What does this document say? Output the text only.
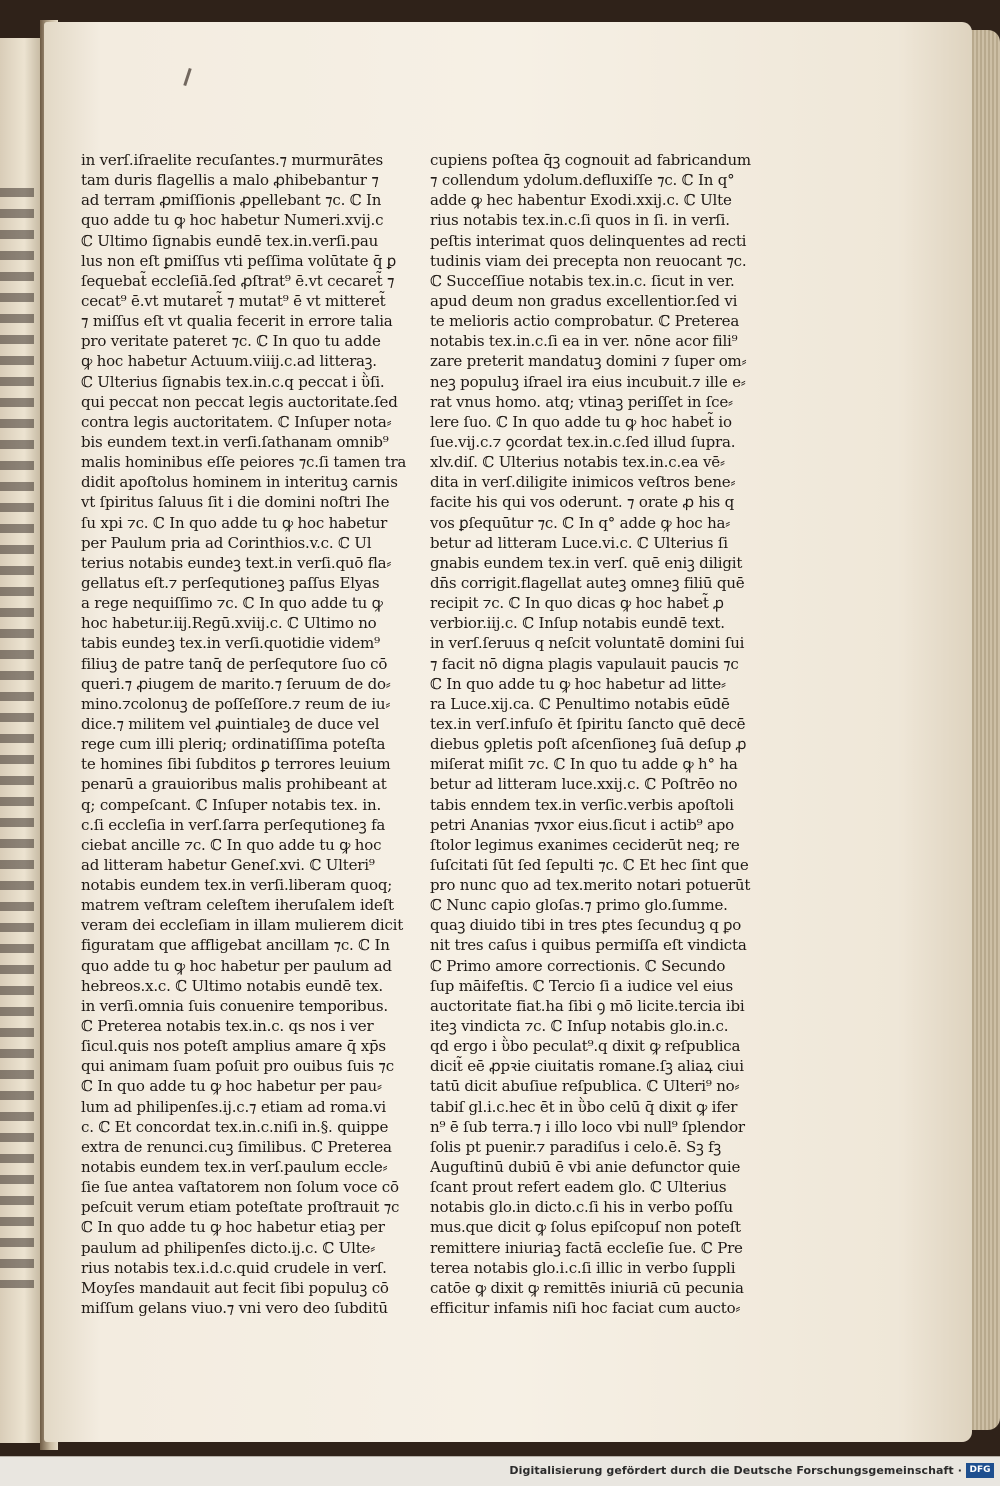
in verſ.iſraelite recuſantes.⁊ murmurātes
tam duris flagellis a malo ꝓhibebantur ⁊
ad terram ꝓmiſſionis ꝓpellebant ⁊c. ℂ In
quo adde tu ꝙ hoc habetur Numeri.xvij.c
ℂ Ultimo ſignabis eundē tex.in.verſi.pau
lus non eſt ꝑmiſſus vti peſſima volūtate q̄ ꝑ
ſequebat̃ eccleſiā.ſed ꝓſtrat⁹ ē.vt cecaret̃ ⁊
cecat⁹ ē.vt mutaret̃ ⁊ mutat⁹ ē vt mitteret̃
⁊ miſſus eſt vt qualia fecerit in errore talia
pro veritate pateret ⁊c. ℂ In quo tu adde
ꝙ hoc habetur Actuum.viiij.c.ad litteraꝫ.
ℂ Ulterius ſignabis tex.in.c.q peccat i ῢſi.
qui peccat non peccat legis auctoritate.ſed
contra legis auctoritatem. ℂ Inſuper nota⸗
bis eundem text.in verſi.ſathanam omnib⁹
malis hominibus eſſe peiores ⁊c.ſi tamen tra
didit apoſtolus hominem in interituꝫ carnis
vt ſpiritus ſaluus ſit i die domini noſtri Ihe
ſu xpi ⁊c. ℂ In quo adde tu ꝙ hoc habetur
per Paulum pria ad Corinthios.v.c. ℂ Ul
terius notabis eundeꝫ text.in verſi.quō fla⸗
gellatus eſt.⁊ perſequtioneꝫ paſſus Elyas
a rege nequiſſimo ⁊c. ℂ In quo adde tu ꝙ
hoc habetur.iij.Regū.xviij.c. ℂ Ultimo no
tabis eundeꝫ tex.in verſi.quotidie videm⁹
filiuꝫ de patre tanq̄ de perſequtore ſuo cō
queri.⁊ ꝓiugem de marito.⁊ ſeruum de do⸗
mino.⁊colonuꝫ de poſſeſſore.⁊ reum de iu⸗
dice.⁊ militem vel ꝓuintialeꝫ de duce vel
rege cum illi pleriq; ordinatiſſima poteſta
te homines ſibi ſubditos ꝑ terrores leuium
penarū a grauioribus malis prohibeant at
q; compeſcant. ℂ Inſuper notabis tex. in.
c.ſi eccleſia in verſ.ſarra perſequtioneꝫ fa
ciebat ancille ⁊c. ℂ In quo adde tu ꝙ hoc
ad litteram habetur Geneſ.xvi. ℂ Ulteri⁹
notabis eundem tex.in verſi.liberam quoq;
matrem veſtram celeſtem iheruſalem ideſt
veram dei eccleſiam in illam mulierem dicit
figuratam que affligebat ancillam ⁊c. ℂ In
quo adde tu ꝙ hoc habetur per paulum ad
hebreos.x.c. ℂ Ultimo notabis eundē tex.
in verſi.omnia ſuis conuenire temporibus.
ℂ Preterea notabis tex.in.c. qs nos i ver
ſicul.quis nos poteſt amplius amare q̄ xp̄s
qui animam ſuam poſuit pro ouibus ſuis ⁊c
ℂ In quo adde tu ꝙ hoc habetur per pau⸗
lum ad philipenſes.ij.c.⁊ etiam ad roma.vi
c. ℂ Et concordat tex.in.c.niſi in.§. quippe
extra de renunci.cuꝫ ſimilibus. ℂ Preterea
notabis eundem tex.in verſ.paulum eccle⸗
ſie ſue antea vaſtatorem non ſolum voce cō
peſcuit verum etiam poteſtate proſtrauit ⁊c
ℂ In quo adde tu ꝙ hoc habetur etiaꝫ per
paulum ad philipenſes dicto.ij.c. ℂ Ulte⸗
rius notabis tex.i.d.c.quid crudele in verſ.
Moyſes mandauit aut fecit ſibi populuꝫ cō
miſſum gelans viuo.⁊ vni vero deo ſubditū
cupiens poſtea q̄ꝫ cognouit ad fabricandum
⁊ collendum ydolum.defluxiſſe ⁊c. ℂ In q°
adde ꝙ hec habentur Exodi.xxij.c. ℂ Ulte
rius notabis tex.in.c.ſi quos in ſi. in verſi.
peſtis interimat quos delinquentes ad recti
tudinis viam dei precepta non reuocant ⁊c.
ℂ Succeſſiue notabis tex.in.c. ſicut in ver.
apud deum non gradus excellentior.ſed vi
te melioris actio comprobatur. ℂ Preterea
notabis tex.in.c.ſi ea in ver. nōne acor fili⁹
zare preterit mandatuꝫ domini ⁊ ſuper om⸗
neꝫ populuꝫ iſrael ira eius incubuit.⁊ ille e⸗
rat vnus homo. atq; vtinaꝫ periſſet in ſce⸗
lere ſuo. ℂ In quo adde tu ꝙ hoc habet̃ io
ſue.vij.c.⁊ ꝯcordat tex.in.c.ſed illud ſupra.
xlv.diſ. ℂ Ulterius notabis tex.in.c.ea vē⸗
dita in verſ.diligite inimicos veſtros bene⸗
facite his qui vos oderunt. ⁊ orate ꝓ his q
vos ꝑſequūtur ⁊c. ℂ In q° adde ꝙ hoc ha⸗
betur ad litteram Luce.vi.c. ℂ Ulterius ſi
gnabis eundem tex.in verſ. quē eniꝫ diligit
dn̄s corrigit.flagellat auteꝫ omneꝫ filiū quē
recipit ⁊c. ℂ In quo dicas ꝙ hoc habet̃ ꝓ
verbior.iij.c. ℂ Inſup notabis eundē text.
in verſ.ſeruus q neſcit voluntatē domini ſui
⁊ facit nō digna plagis vapulauit paucis ⁊c
ℂ In quo adde tu ꝙ hoc habetur ad litte⸗
ra Luce.xij.ca. ℂ Penultimo notabis eūdē
tex.in verſ.infuſo ēt ſpiritu ſancto quē decē
diebus ꝯpletis poſt aſcenſioneꝫ ſuā deſup ꝓ
miſerat miſit ⁊c. ℂ In quo tu adde ꝙ h° ha
betur ad litteram luce.xxij.c. ℂ Poſtrēo no
tabis enndem tex.in verſic.verbis apoſtoli
petri Ananias ⁊vxor eius.ſicut i actib⁹ apo
ſtolor legimus exanimes ceciderūt neq; re
ſuſcitati ſūt ſed ſepulti ⁊c. ℂ Et hec ſint que
pro nunc quo ad tex.merito notari potuerūt
ℂ Nunc capio gloſas.⁊ primo glo.ſumme.
quaꝫ diuido tibi in tres ꝑtes ſecunduꝫ q ꝑo
nit tres caſus i quibus permiſſa eſt vindicta
ℂ Primo amore correctionis. ℂ Secundo
ſup māifeſtis. ℂ Tercio ſi a iudice vel eius
auctoritate fiat.ha ſibi ꝯ mō licite.tercia ibi
iteꝫ vindicta ⁊c. ℂ Inſup notabis glo.in.c.
qd ergo i ῢbo peculat⁹.q dixit ꝙ reſpublica
dicit̃ eē ꝓpꝛie ciuitatis romane.ſꝫ aliaꝝ ciui
tatū dicit abuſiue reſpublica. ℂ Ulteri⁹ no⸗
tabiſ gl.i.c.hec ēt in ῢbo celū q̄ dixit ꝙ ifer
n⁹ ē ſub terra.⁊ i illo loco vbi null⁹ ſplendor
ſolis pt puenir.⁊ paradiſus i celo.ē. Sꝫ fꝫ
Auguſtinū dubiū ē vbi anie defunctor quie
ſcant prout refert eadem glo. ℂ Ulterius
notabis glo.in dicto.c.ſi his in verbo poſſu
mus.que dicit ꝙ ſolus epiſcopuſ non poteſt
remittere iniuriaꝫ factā eccleſie ſue. ℂ Pre
terea notabis glo.i.c.ſi illic in verbo ſuppli
catōe ꝙ dixit ꝙ remittēs iniuriā cū pecunia
efficitur infamis niſi hoc faciat cum aucto⸗
Digitalisierung gefördert durch die Deutsche Forschungsgemeinschaft · DFG
